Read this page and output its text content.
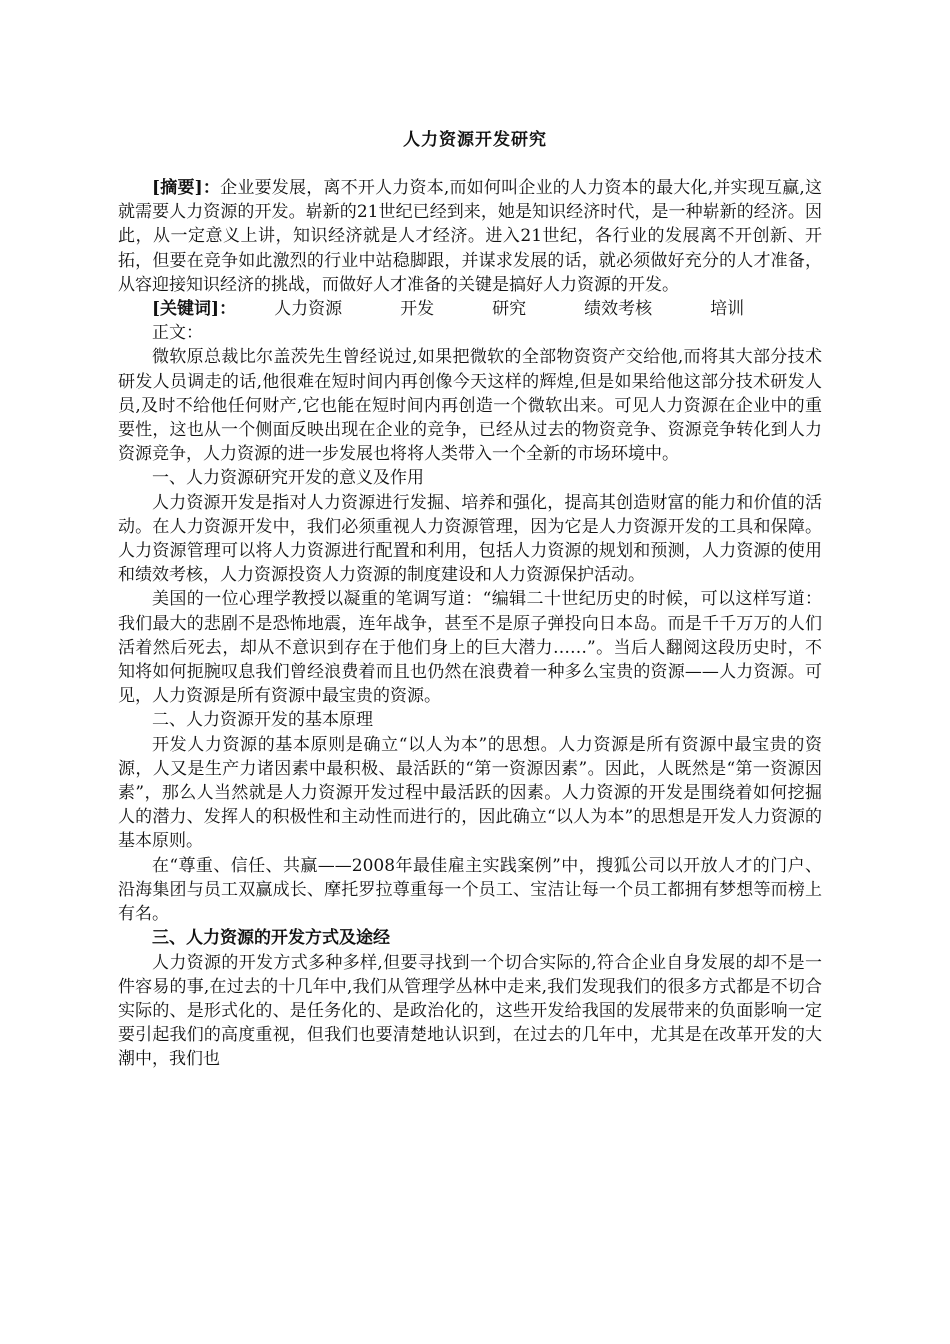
人力资源开发研究

[摘要]：企业要发展，离不开人力资本,而如何叫企业的人力资本的最大化,并实现互赢,这就需要人力资源的开发。崭新的21世纪已经到来，她是知识经济时代，是一种崭新的经济。因此，从一定意义上讲，知识经济就是人才经济。进入21世纪，各行业的发展离不开创新、开拓，但要在竞争如此激烈的行业中站稳脚跟，并谋求发展的话，就必须做好充分的人才准备，从容迎接知识经济的挑战，而做好人才准备的关键是搞好人力资源的开发。

[关键词]： 人力资源	开发	研究	绩效考核	培训

正文：

微软原总裁比尔盖茨先生曾经说过,如果把微软的全部物资资产交给他,而将其大部分技术研发人员调走的话,他很难在短时间内再创像今天这样的辉煌,但是如果给他这部分技术研发人员,及时不给他任何财产,它也能在短时间内再创造一个微软出来。可见人力资源在企业中的重要性，这也从一个侧面反映出现在企业的竞争，已经从过去的物资竞争、资源竞争转化到人力资源竞争，人力资源的进一步发展也将将人类带入一个全新的市场环境中。

一、人力资源研究开发的意义及作用

人力资源开发是指对人力资源进行发掘、培养和强化，提高其创造财富的能力和价值的活动。在人力资源开发中，我们必须重视人力资源管理，因为它是人力资源开发的工具和保障。人力资源管理可以将人力资源进行配置和利用，包括人力资源的规划和预测，人力资源的使用和绩效考核，人力资源投资人力资源的制度建设和人力资源保护活动。

美国的一位心理学教授以凝重的笔调写道：“编辑二十世纪历史的时候，可以这样写道：我们最大的悲剧不是恐怖地震，连年战争，甚至不是原子弹投向日本岛。而是千千万万的人们活着然后死去，却从不意识到存在于他们身上的巨大潜力……”。当后人翻阅这段历史时，不知将如何扼腕叹息我们曾经浪费着而且也仍然在浪费着一种多么宝贵的资源——人力资源。可见，人力资源是所有资源中最宝贵的资源。

二、人力资源开发的基本原理

开发人力资源的基本原则是确立“以人为本”的思想。人力资源是所有资源中最宝贵的资源，人又是生产力诸因素中最积极、最活跃的“第一资源因素”。因此，人既然是“第一资源因素”，那么人当然就是人力资源开发过程中最活跃的因素。人力资源的开发是围绕着如何挖掘人的潜力、发挥人的积极性和主动性而进行的，因此确立“以人为本”的思想是开发人力资源的基本原则。

在“尊重、信任、共赢——2008年最佳雇主实践案例”中，搜狐公司以开放人才的门户、沿海集团与员工双赢成长、摩托罗拉尊重每一个员工、宝洁让每一个员工都拥有梦想等而榜上有名。

三、人力资源的开发方式及途经

人力资源的开发方式多种多样,但要寻找到一个切合实际的,符合企业自身发展的却不是一件容易的事,在过去的十几年中,我们从管理学丛林中走来,我们发现我们的很多方式都是不切合实际的、是形式化的、是任务化的、是政治化的，这些开发给我国的发展带来的负面影响一定要引起我们的高度重视，但我们也要清楚地认识到，在过去的几年中，尤其是在改革开发的大潮中，我们也
